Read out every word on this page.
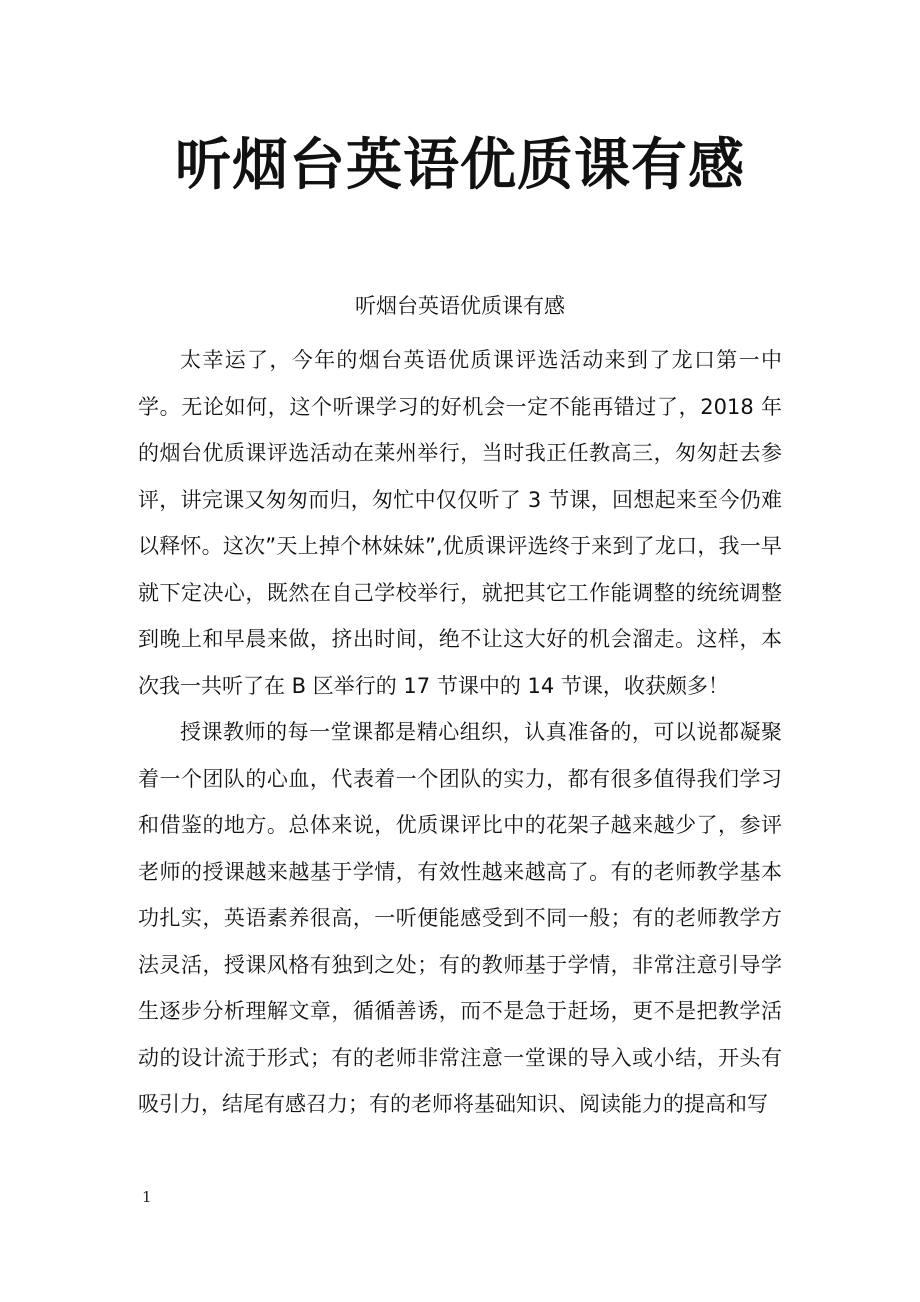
听烟台英语优质课有感
听烟台英语优质课有感

太幸运了，今年的烟台英语优质课评选活动来到了龙口第一中学。无论如何，这个听课学习的好机会一定不能再错过了，2018 年的烟台优质课评选活动在莱州举行，当时我正任教高三，匆匆赶去参评，讲完课又匆匆而归，匆忙中仅仅听了 3 节课，回想起来至今仍难以释怀。这次”天上掉个林妹妹”,优质课评选终于来到了龙口，我一早就下定决心，既然在自己学校举行，就把其它工作能调整的统统调整到晚上和早晨来做，挤出时间，绝不让这大好的机会溜走。这样，本次我一共听了在 B 区举行的 17 节课中的 14 节课，收获颇多！

授课教师的每一堂课都是精心组织，认真准备的，可以说都凝聚着一个团队的心血，代表着一个团队的实力，都有很多值得我们学习和借鉴的地方。总体来说，优质课评比中的花架子越来越少了，参评老师的授课越来越基于学情，有效性越来越高了。有的老师教学基本功扎实，英语素养很高，一听便能感受到不同一般；有的老师教学方法灵活，授课风格有独到之处；有的教师基于学情，非常注意引导学生逐步分析理解文章，循循善诱，而不是急于赶场，更不是把教学活动的设计流于形式；有的老师非常注意一堂课的导入或小结，开头有吸引力，结尾有感召力；有的老师将基础知识、阅读能力的提高和写

1
